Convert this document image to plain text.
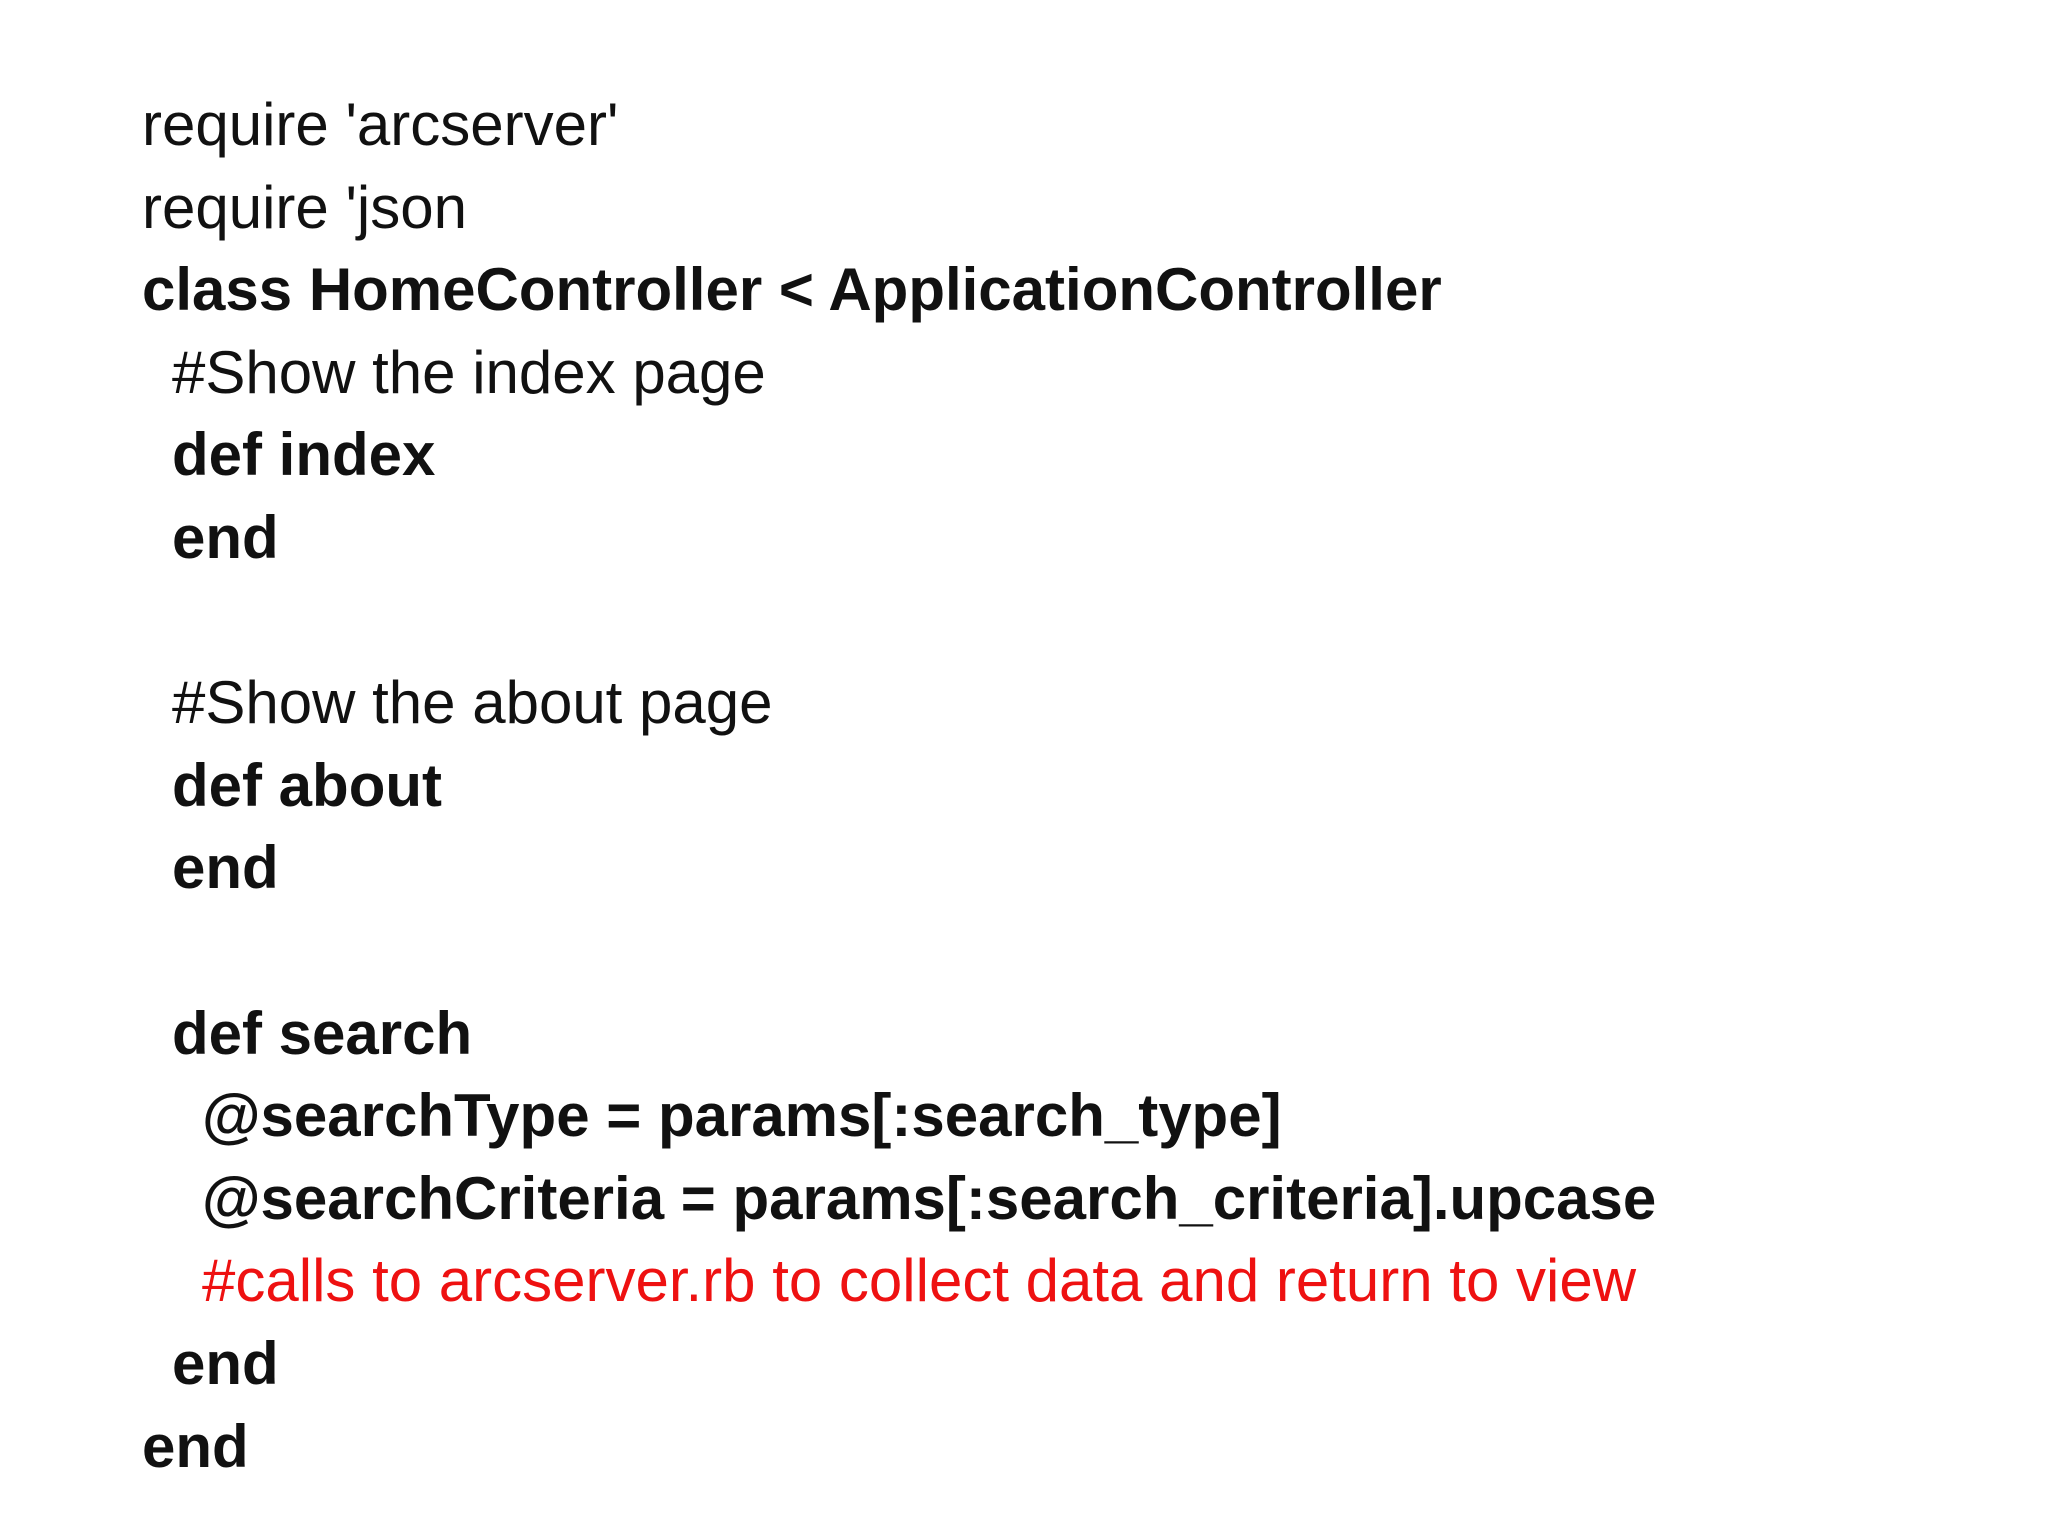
require 'arcserver'
require 'json
class HomeController < ApplicationController
#Show the index page
def index
end
#Show the about page
def about
end
def search
@searchType = params[:search_type]
@searchCriteria = params[:search_criteria].upcase
#calls to arcserver.rb to collect data and return to view
end
end
